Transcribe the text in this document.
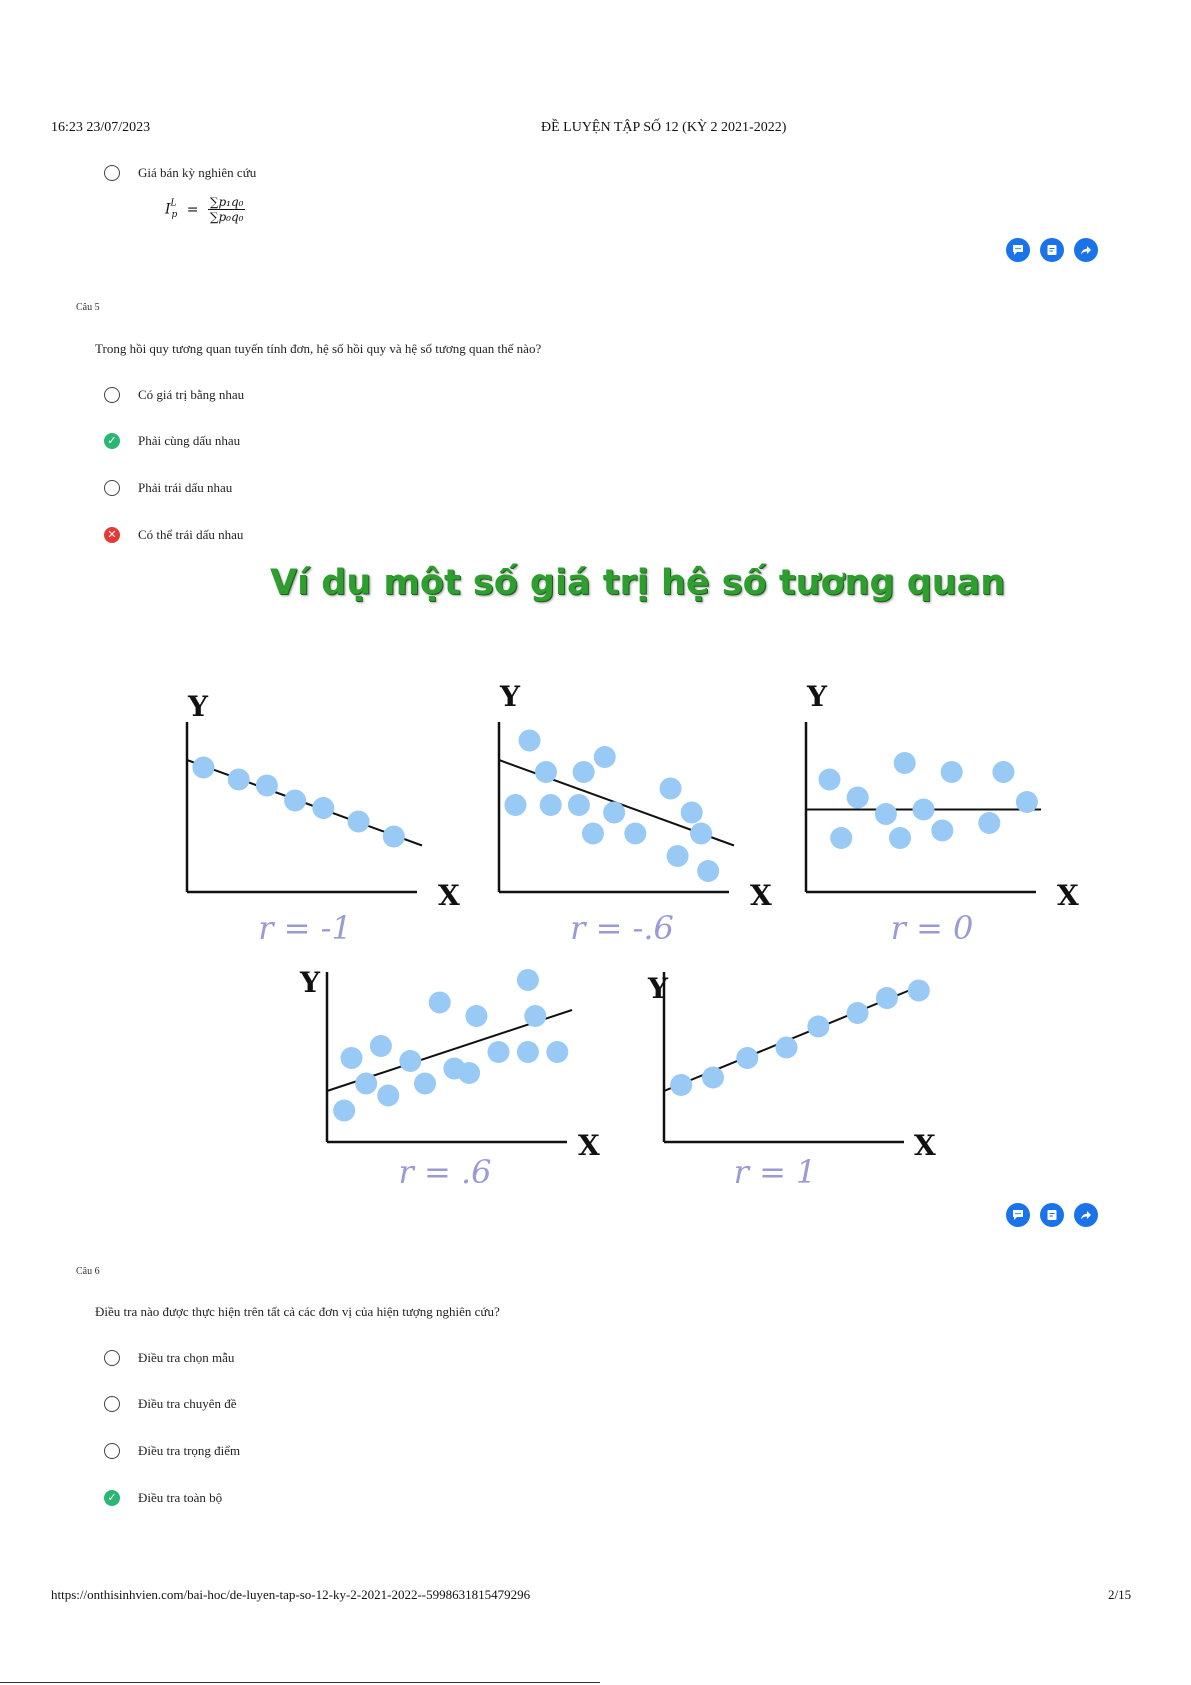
16:23 23/07/2023	ĐỀ LUYỆN TẬP SỐ 12 (KỲ 2 2021-2022)
Giá bán kỳ nghiên cứu
$I^L_p = \frac{\text{∑p₁q₀}}{\text{∑p₀q₀}}$
Câu 5
Trong hồi quy tương quan tuyến tính đơn, hệ số hồi quy và hệ số tương quan thế nào?
Có giá trị bằng nhau
✓ Phải cùng dấu nhau
Phải trái dấu nhau
✕ Có thể trái dấu nhau
Ví dụ một số giá trị hệ số tương quan
Y
X
r = -1
Y
X
r = -.6
Y
X
r = 0
Y
X
r = .6
Y
X
r = 1
Câu 6
Điều tra nào được thực hiện trên tất cả các đơn vị của hiện tượng nghiên cứu?
Điều tra chọn mẫu
Điều tra chuyên đề
Điều tra trọng điểm
✓ Điều tra toàn bộ
https://onthisinhvien.com/bai-hoc/de-luyen-tap-so-12-ky-2-2021-2022--5998631815479296	2/15
